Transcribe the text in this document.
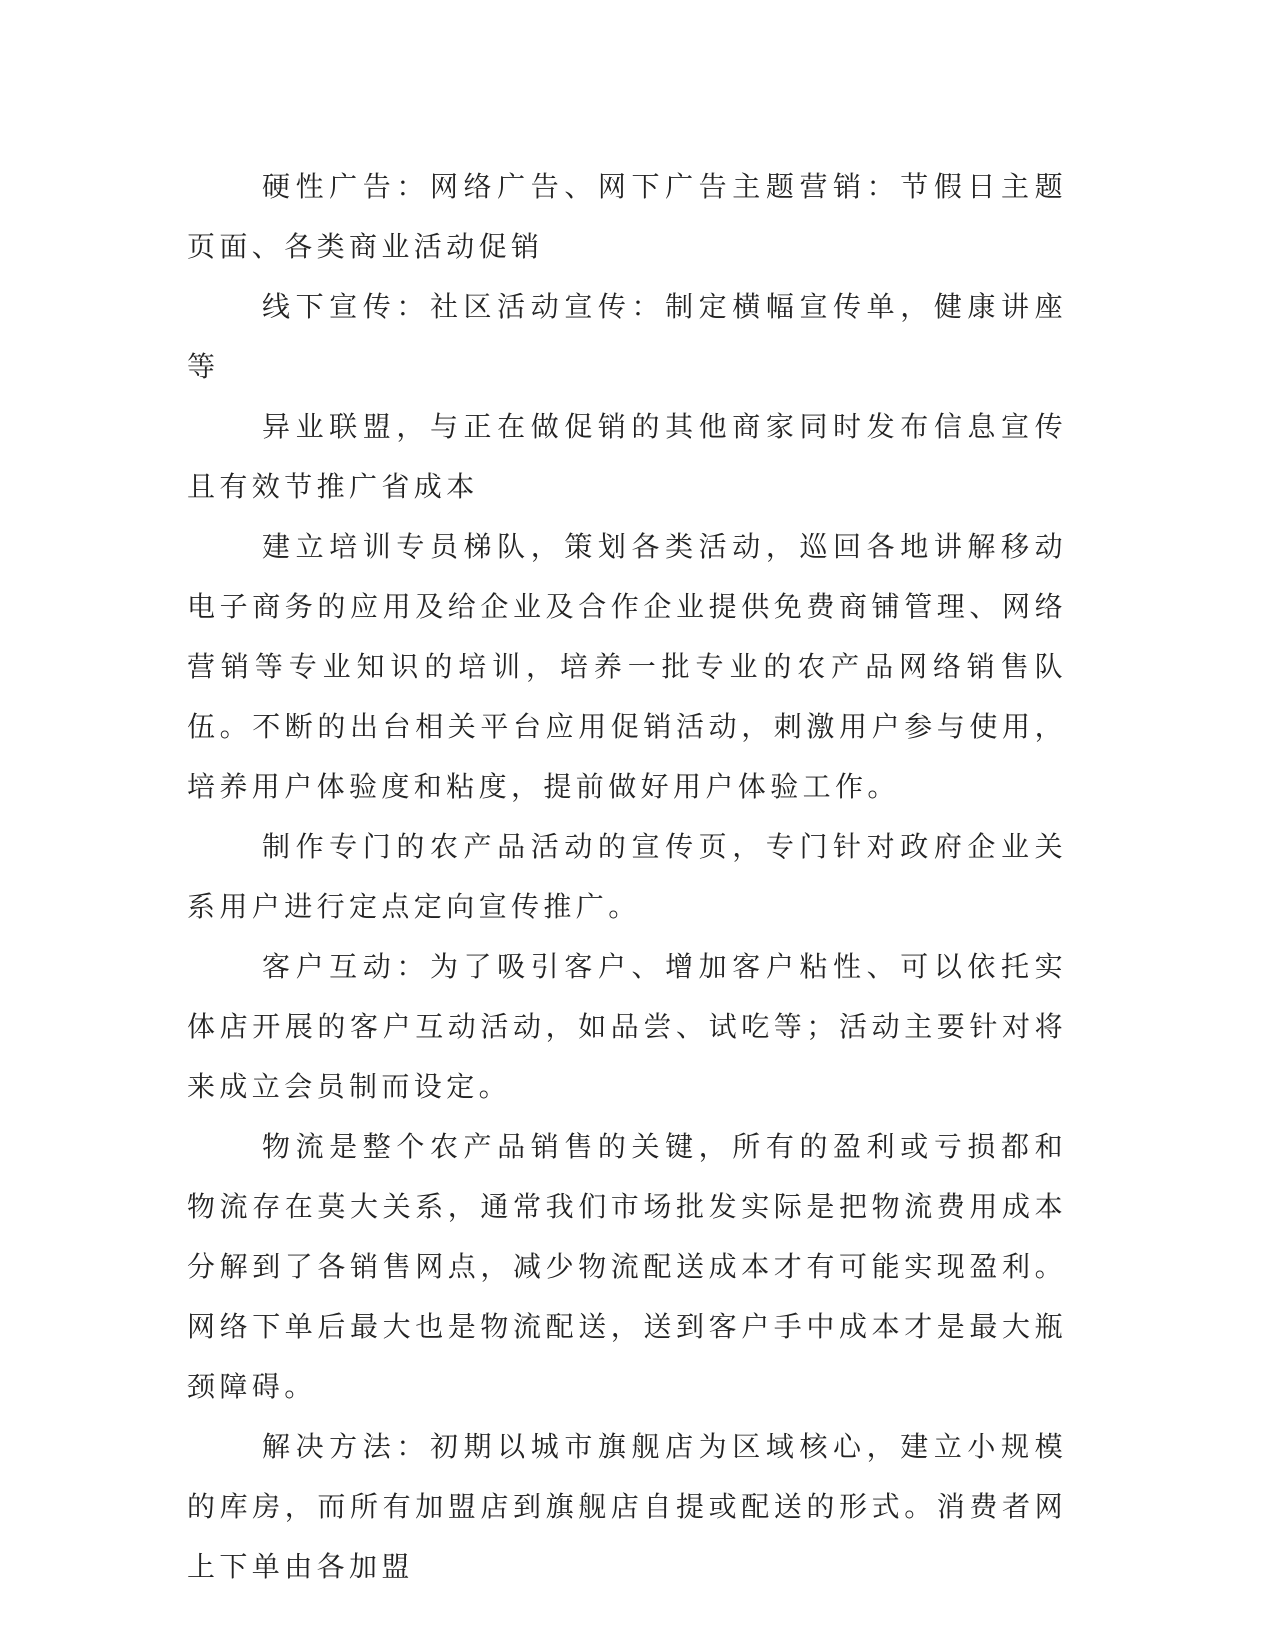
硬性广告：网络广告、网下广告主题营销：节假日主题页面、各类商业活动促销

线下宣传：社区活动宣传：制定横幅宣传单，健康讲座等

异业联盟，与正在做促销的其他商家同时发布信息宣传且有效节推广省成本

建立培训专员梯队，策划各类活动，巡回各地讲解移动电子商务的应用及给企业及合作企业提供免费商铺管理、网络营销等专业知识的培训，培养一批专业的农产品网络销售队伍。不断的出台相关平台应用促销活动，刺激用户参与使用，培养用户体验度和粘度，提前做好用户体验工作。

制作专门的农产品活动的宣传页，专门针对政府企业关系用户进行定点定向宣传推广。

客户互动：为了吸引客户、增加客户粘性、可以依托实体店开展的客户互动活动，如品尝、试吃等；活动主要针对将来成立会员制而设定。

物流是整个农产品销售的关键，所有的盈利或亏损都和物流存在莫大关系，通常我们市场批发实际是把物流费用成本分解到了各销售网点，减少物流配送成本才有可能实现盈利。网络下单后最大也是物流配送，送到客户手中成本才是最大瓶颈障碍。

解决方法：初期以城市旗舰店为区域核心，建立小规模的库房，而所有加盟店到旗舰店自提或配送的形式。消费者网上下单由各加盟
